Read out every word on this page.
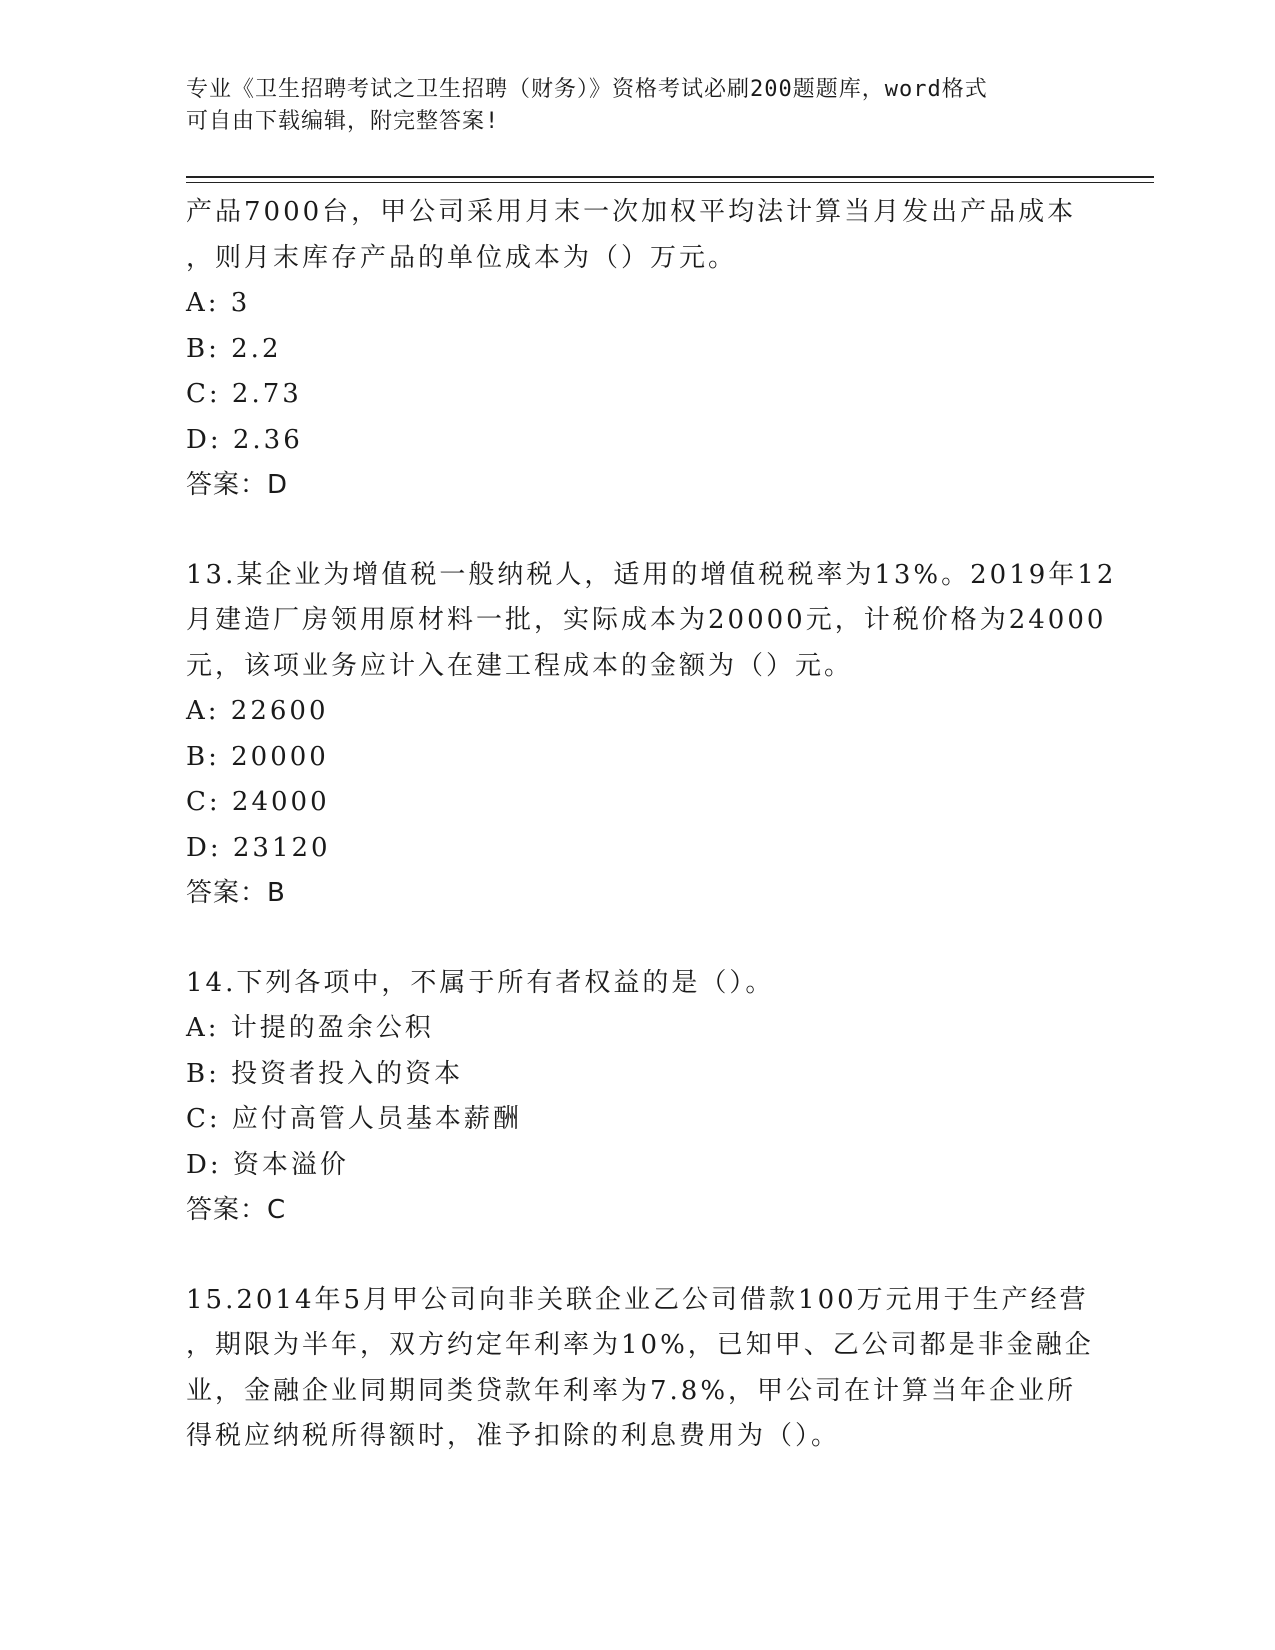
专业《卫生招聘考试之卫生招聘（财务）》资格考试必刷200题题库，word格式
可自由下载编辑，附完整答案!
产品7000台，甲公司采用月末一次加权平均法计算当月发出产品成本
，则月末库存产品的单位成本为（）万元。
A: 3
B: 2.2
C: 2.73
D: 2.36
答案：D
13.某企业为增值税一般纳税人，适用的增值税税率为13%。2019年12
月建造厂房领用原材料一批，实际成本为20000元，计税价格为24000
元，该项业务应计入在建工程成本的金额为（）元。
A: 22600
B: 20000
C: 24000
D: 23120
答案：B
14.下列各项中，不属于所有者权益的是（）。
A: 计提的盈余公积
B: 投资者投入的资本
C: 应付高管人员基本薪酬
D: 资本溢价
答案：C
15.2014年5月甲公司向非关联企业乙公司借款100万元用于生产经营
，期限为半年，双方约定年利率为10%，已知甲、乙公司都是非金融企
业，金融企业同期同类贷款年利率为7.8%，甲公司在计算当年企业所
得税应纳税所得额时，准予扣除的利息费用为（）。
